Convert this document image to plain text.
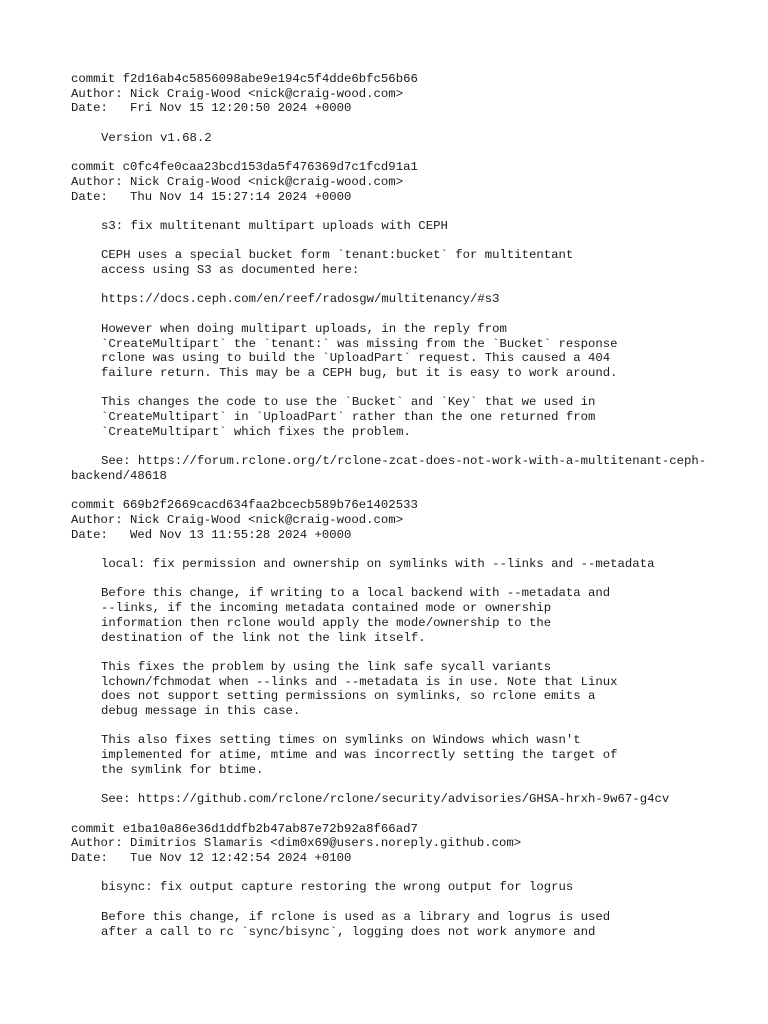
commit f2d16ab4c5856098abe9e194c5f4dde6bfc56b66
Author: Nick Craig-Wood <nick@craig-wood.com>
Date:   Fri Nov 15 12:20:50 2024 +0000
Version v1.68.2
commit c0fc4fe0caa23bcd153da5f476369d7c1fcd91a1
Author: Nick Craig-Wood <nick@craig-wood.com>
Date:   Thu Nov 14 15:27:14 2024 +0000
s3: fix multitenant multipart uploads with CEPH
CEPH uses a special bucket form `tenant:bucket` for multitentant
access using S3 as documented here:
https://docs.ceph.com/en/reef/radosgw/multitenancy/#s3
However when doing multipart uploads, in the reply from
`CreateMultipart` the `tenant:` was missing from the `Bucket` response
rclone was using to build the `UploadPart` request. This caused a 404
failure return. This may be a CEPH bug, but it is easy to work around.
This changes the code to use the `Bucket` and `Key` that we used in
`CreateMultipart` in `UploadPart` rather than the one returned from
`CreateMultipart` which fixes the problem.
See: https://forum.rclone.org/t/rclone-zcat-does-not-work-with-a-multitenant-ceph-backend/48618
commit 669b2f2669cacd634faa2bcecb589b76e1402533
Author: Nick Craig-Wood <nick@craig-wood.com>
Date:   Wed Nov 13 11:55:28 2024 +0000
local: fix permission and ownership on symlinks with --links and --metadata
Before this change, if writing to a local backend with --metadata and
--links, if the incoming metadata contained mode or ownership
information then rclone would apply the mode/ownership to the
destination of the link not the link itself.
This fixes the problem by using the link safe sycall variants
lchown/fchmodat when --links and --metadata is in use. Note that Linux
does not support setting permissions on symlinks, so rclone emits a
debug message in this case.
This also fixes setting times on symlinks on Windows which wasn't
implemented for atime, mtime and was incorrectly setting the target of
the symlink for btime.
See: https://github.com/rclone/rclone/security/advisories/GHSA-hrxh-9w67-g4cv
commit e1ba10a86e36d1ddfb2b47ab87e72b92a8f66ad7
Author: Dimitrios Slamaris <dim0x69@users.noreply.github.com>
Date:   Tue Nov 12 12:42:54 2024 +0100
bisync: fix output capture restoring the wrong output for logrus
Before this change, if rclone is used as a library and logrus is used
after a call to rc `sync/bisync`, logging does not work anymore and
